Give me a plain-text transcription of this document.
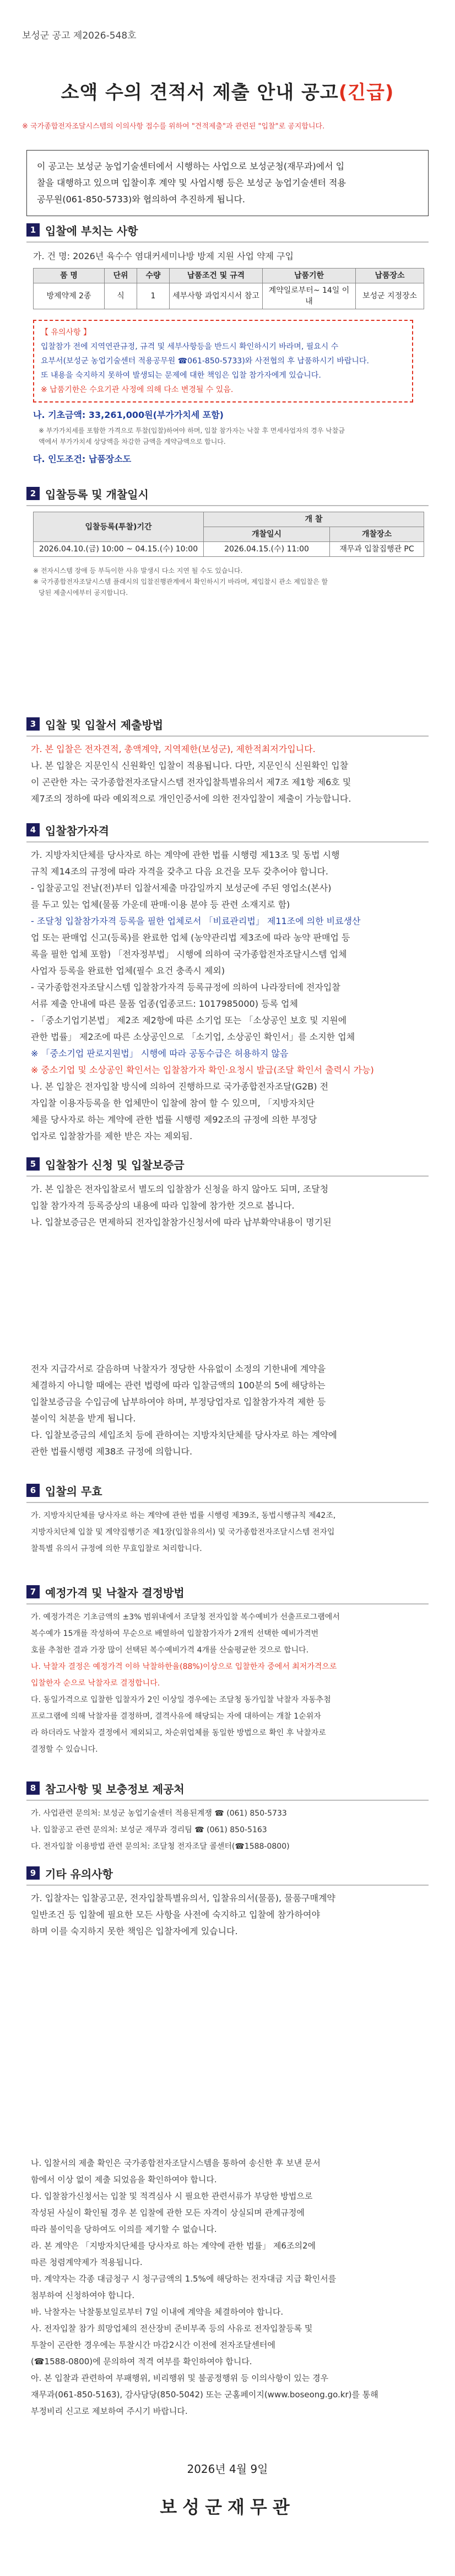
보성군 공고 제2026-548호
소액 수의 견적서 제출 안내 공고(긴급)
※ 국가종합전자조달시스템의 이의사항 접수를 위하여 "견적제출"과 관련된 "입찰"로 공지합니다.
이 공고는 보성군 농업기술센터에서 시행하는 사업으로 보성군청(재무과)에서 입
찰을 대행하고 있으며 입찰이후 계약 및 사업시행 등은 보성군 농업기술센터 적용
공무원(061-850-5733)와 협의하여 추진하게 됩니다.
1 입찰에 부치는 사항
가. 건 명: 2026년 육수수 염대커세미나방 방제 지원 사업 약제 구입
품 명	단위	수량	납품조건 및 규격	납품기한	납품장소
방제약제 2종	식	1	세부사항 과업지시서 참고	계약일로부터~ 14일 이내	보성군 지정장소
【 유의사항 】
입찰참가 전에 지역연관규정, 규격 및 세부사항등을 반드시 확인하시기 바라며, 필요시 수
요부서(보성군 농업기술센터 적용공무원 ☎061-850-5733)와 사전협의 후 납품하시기 바랍니다.
또 내용을 숙지하지 못하여 발생되는 문제에 대한 책임은 입찰 참가자에게 있습니다.
※ 납품기한은 수요기관 사정에 의해 다소 변경될 수 있음.
나. 기초금액: 33,261,000원(부가가치세 포함)
※ 부가가치세를 포함한 가격으로 투찰(입찰)하여야 하며, 입찰 참가자는 낙찰 후 면세사업자의 경우 낙찰금
액에서 부가가치세 상당액을 차감한 금액을 계약금액으로 합니다.
다. 인도조건: 납품장소도
2 입찰등록 및 개찰일시
입찰등록(투찰)기간	개 찰	
	개찰일시	개찰장소
2026.04.10.(금) 10:00 ~ 04.15.(수) 10:00	2026.04.15.(수) 11:00	재무과 입찰집행관 PC
※ 전자시스템 장애 등 부득이한 사유 발생시 다소 지연 될 수도 있습니다.
※ 국가종합전자조달시스템 플래시의 입찰진행관계에서 확인하시기 바라며, 제입찰시 관소 제입찰은 할
당된 제출시에부터 공지합니다.
3 입찰 및 입찰서 제출방법
가. 본 입찰은 전자견적, 총액계약, 지역제한(보성군), 제한적최저가입니다.
나. 본 입찰은 지문인식 신원확인 입찰이 적용됩니다. 다만, 지문인식 신원확인 입찰
이 곤란한 자는 국가종합전자조달시스템 전자입찰특별유의서 제7조 제1항 제6호 및
제7조의 정하에 따라 예외적으로 개인인증서에 의한 전자입찰이 제출이 가능합니다.
4 입찰참가자격
가. 지방자치단체를 당사자로 하는 계약에 관한 법률 시행령 제13조 및 동법 시행
규칙 제14조의 규정에 따라 자격을 갖추고 다음 요건을 모두 갖추어야 합니다.
- 입찰공고일 전날(전)부터 입찰서제출 마감일까지 보성군에 주된 영업소(본사)
를 두고 있는 업체(물품 가운데 판매·이용 분야 등 관련 소재지로 함)
- 조달청 입찰참가자격 등록을 필한 업체로서 「비료관리법」 제11조에 의한 비료생산
업 또는 판매업 신고(등록)를 완료한 업체 (농약관리법 제3조에 따라 농약 판매업 등
록을 필한 업체 포함) 「전자정부법」 시행에 의하여 국가종합전자조달시스템 업체
사업자 등록을 완료한 업체(필수 요건 충족시 제외)
- 국가종합전자조달시스템 입찰참가자격 등록규정에 의하여 나라장터에 전자입찰
서류 제출 안내에 따른 물품 업종(업종코드: 1017985000) 등록 업체
- 「중소기업기본법」 제2조 제2항에 따른 소기업 또는 「소상공인 보호 및 지원에
관한 법률」 제2조에 따른 소상공인으로 「소기업, 소상공인 확인서」를 소지한 업체
※ 「중소기업 판로지원법」 시행에 따라 공동수급은 허용하지 않음
※ 중소기업 및 소상공인 확인서는 입찰참가자 확인·요청시 발급(조달 확인서 출력시 가능)
나. 본 입찰은 전자입찰 방식에 의하여 진행하므로 국가종합전자조달(G2B) 전
자입찰 이용자등록을 한 업체만이 입찰에 참여 할 수 있으며, 「지방자치단
체를 당사자로 하는 계약에 관한 법률 시행령 제92조의 규정에 의한 부정당
업자로 입찰참가를 제한 받은 자는 제외됨.
5 입찰참가 신청 및 입찰보증금
가. 본 입찰은 전자입찰로서 별도의 입찰참가 신청을 하지 않아도 되며, 조달청
입찰 참가자격 등록증상의 내용에 따라 입찰에 참가한 것으로 봅니다.
나. 입찰보증금은 면제하되 전자입찰참가신청서에 따라 납부확약내용이 명기된
전자 지급각서로 갈음하며 낙찰자가 정당한 사유없이 소정의 기한내에 계약을
체결하지 아니할 때에는 관련 법령에 따라 입찰금액의 100분의 5에 해당하는
입찰보증금을 수입금에 납부하여야 하며, 부정당업자로 입찰참가자격 제한 등
불이익 처분을 받게 됩니다.
다. 입찰보증금의 세입조치 등에 관하여는 지방자치단체를 당사자로 하는 계약에
관한 법률시행령 제38조 규정에 의합니다.
6 입찰의 무효
가. 지방자치단체를 당사자로 하는 계약에 관한 법률 시행령 제39조, 동법시행규칙 제42조,
지방자치단체 입찰 및 계약집행기준 제1장(입찰유의서) 및 국가종합전자조달시스템 전자입
찰특별 유의서 규정에 의한 무효입찰로 처리합니다.
7 예정가격 및 낙찰자 결정방법
가. 예정가격은 기초금액의 ±3% 범위내에서 조달청 전자입찰 복수예비가 선출프로그램에서
복수예가 15개를 작성하여 무순으로 배열하여 입찰참가자가 2개씩 선택한 예비가격번
호를 추첨한 결과 가장 많이 선택된 복수예비가격 4개를 산술평균한 것으로 합니다.
나. 낙찰자 결정은 예정가격 이하 낙찰하한율(88%)이상으로 입찰한자 중에서 최저가격으로
입찰한자 순으로 낙찰자로 결정합니다.
다. 동일가격으로 입찰한 입찰자가 2인 이상일 경우에는 조달청 동가입찰 낙찰자 자동추첨
프로그램에 의해 낙찰자를 결정하며, 결격사유에 해당되는 자에 대하여는 개찰 1순위자
라 하더라도 낙찰자 결정에서 제외되고, 차순위업체를 동일한 방법으로 확인 후 낙찰자로
결정할 수 있습니다.
8 참고사항 및 보충정보 제공처
가. 사업관련 문의처: 보성군 농업기술센터 적용된계쟁 ☎ (061) 850-5733
나. 입찰공고 관련 문의처: 보성군 재무과 경리팀 ☎ (061) 850-5163
다. 전자입찰 이용방법 관련 문의처: 조달청 전자조달 콜센터(☎1588-0800)
9 기타 유의사항
가. 입찰자는 입찰공고문, 전자입찰특별유의서, 입찰유의서(물품), 물품구매계약
일반조건 등 입찰에 필요한 모든 사항을 사전에 숙지하고 입찰에 참가하여야
하며 이를 숙지하지 못한 책임은 입찰자에게 있습니다.
나. 입찰서의 제출 확인은 국가종합전자조달시스템을 통하여 송신한 후 보낸 문서
함에서 이상 없이 제출 되었음을 확인하여야 합니다.
다. 입찰참가신청서는 입찰 및 적격심사 시 필요한 관련서류가 부당한 방법으로
작성된 사실이 확인될 경우 본 입찰에 관한 모든 자격이 상실되며 관계규정에
따라 불이익을 당하여도 이의를 제기할 수 없습니다.
라. 본 계약은 「지방자치단체를 당사자로 하는 계약에 관한 법률」 제6조의2에
따른 청렴계약제가 적용됩니다.
마. 계약자는 각종 대금청구 시 청구금액의 1.5%에 해당하는 전자대금 지급 확인서를
첨부하여 신청하여야 합니다.
바. 낙찰자는 낙찰통보일로부터 7일 이내에 계약을 체결하여야 합니다.
사. 전자입찰 참가 희망업체의 전산장비 준비부족 등의 사유로 전자입찰등록 및
투찰이 곤란한 경우에는 투찰시간 마감2시간 이전에 전자조달센터에
(☎1588-0800)에 문의하여 적격 여부를 확인하여야 합니다.
아. 본 입찰과 관련하여 부패행위, 비리행위 및 불공정행위 등 이의사항이 있는 경우
재무과(061-850-5163), 감사담당(850-5042) 또는 군홈페이지(www.boseong.go.kr)를 통해
부정비리 신고로 제보하여 주시기 바랍니다.
2026년 4월 9일
보성군재무관
